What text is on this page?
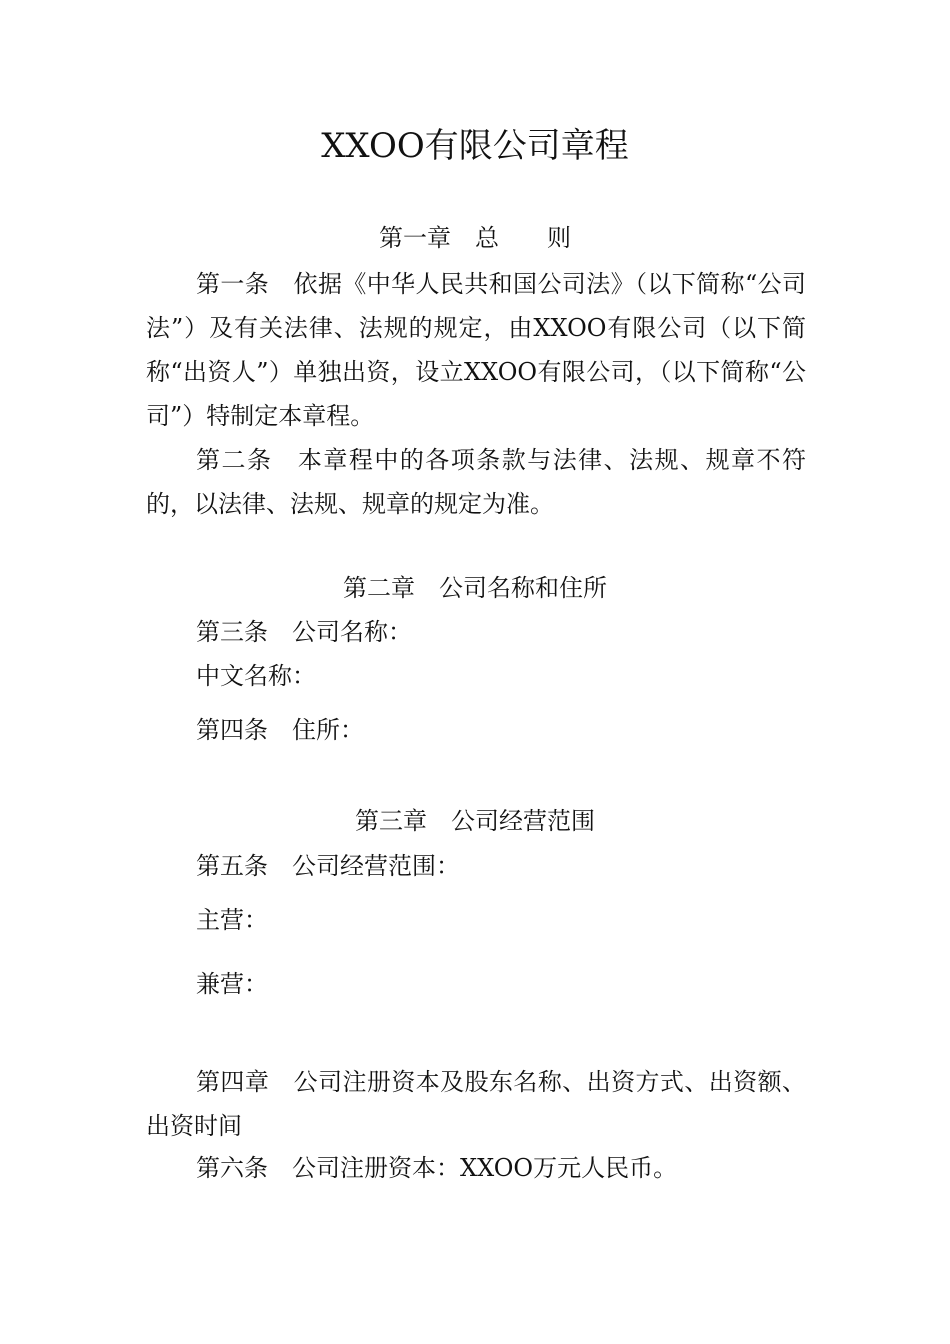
XXOO有限公司章程
第一章　总　　则
第一条　依据《中华人民共和国公司法》（以下简称“公司法”）及有关法律、法规的规定，由XXOO有限公司（以下简称“出资人”）单独出资，设立XXOO有限公司，（以下简称“公司”）特制定本章程。
第二条　本章程中的各项条款与法律、法规、规章不符的，以法律、法规、规章的规定为准。
第二章　公司名称和住所
第三条　公司名称：
中文名称：
第四条　住所：
第三章　公司经营范围
第五条　公司经营范围：
主营：
兼营：
第四章　公司注册资本及股东名称、出资方式、出资额、出资时间
第六条　公司注册资本：XXOO万元人民币。
